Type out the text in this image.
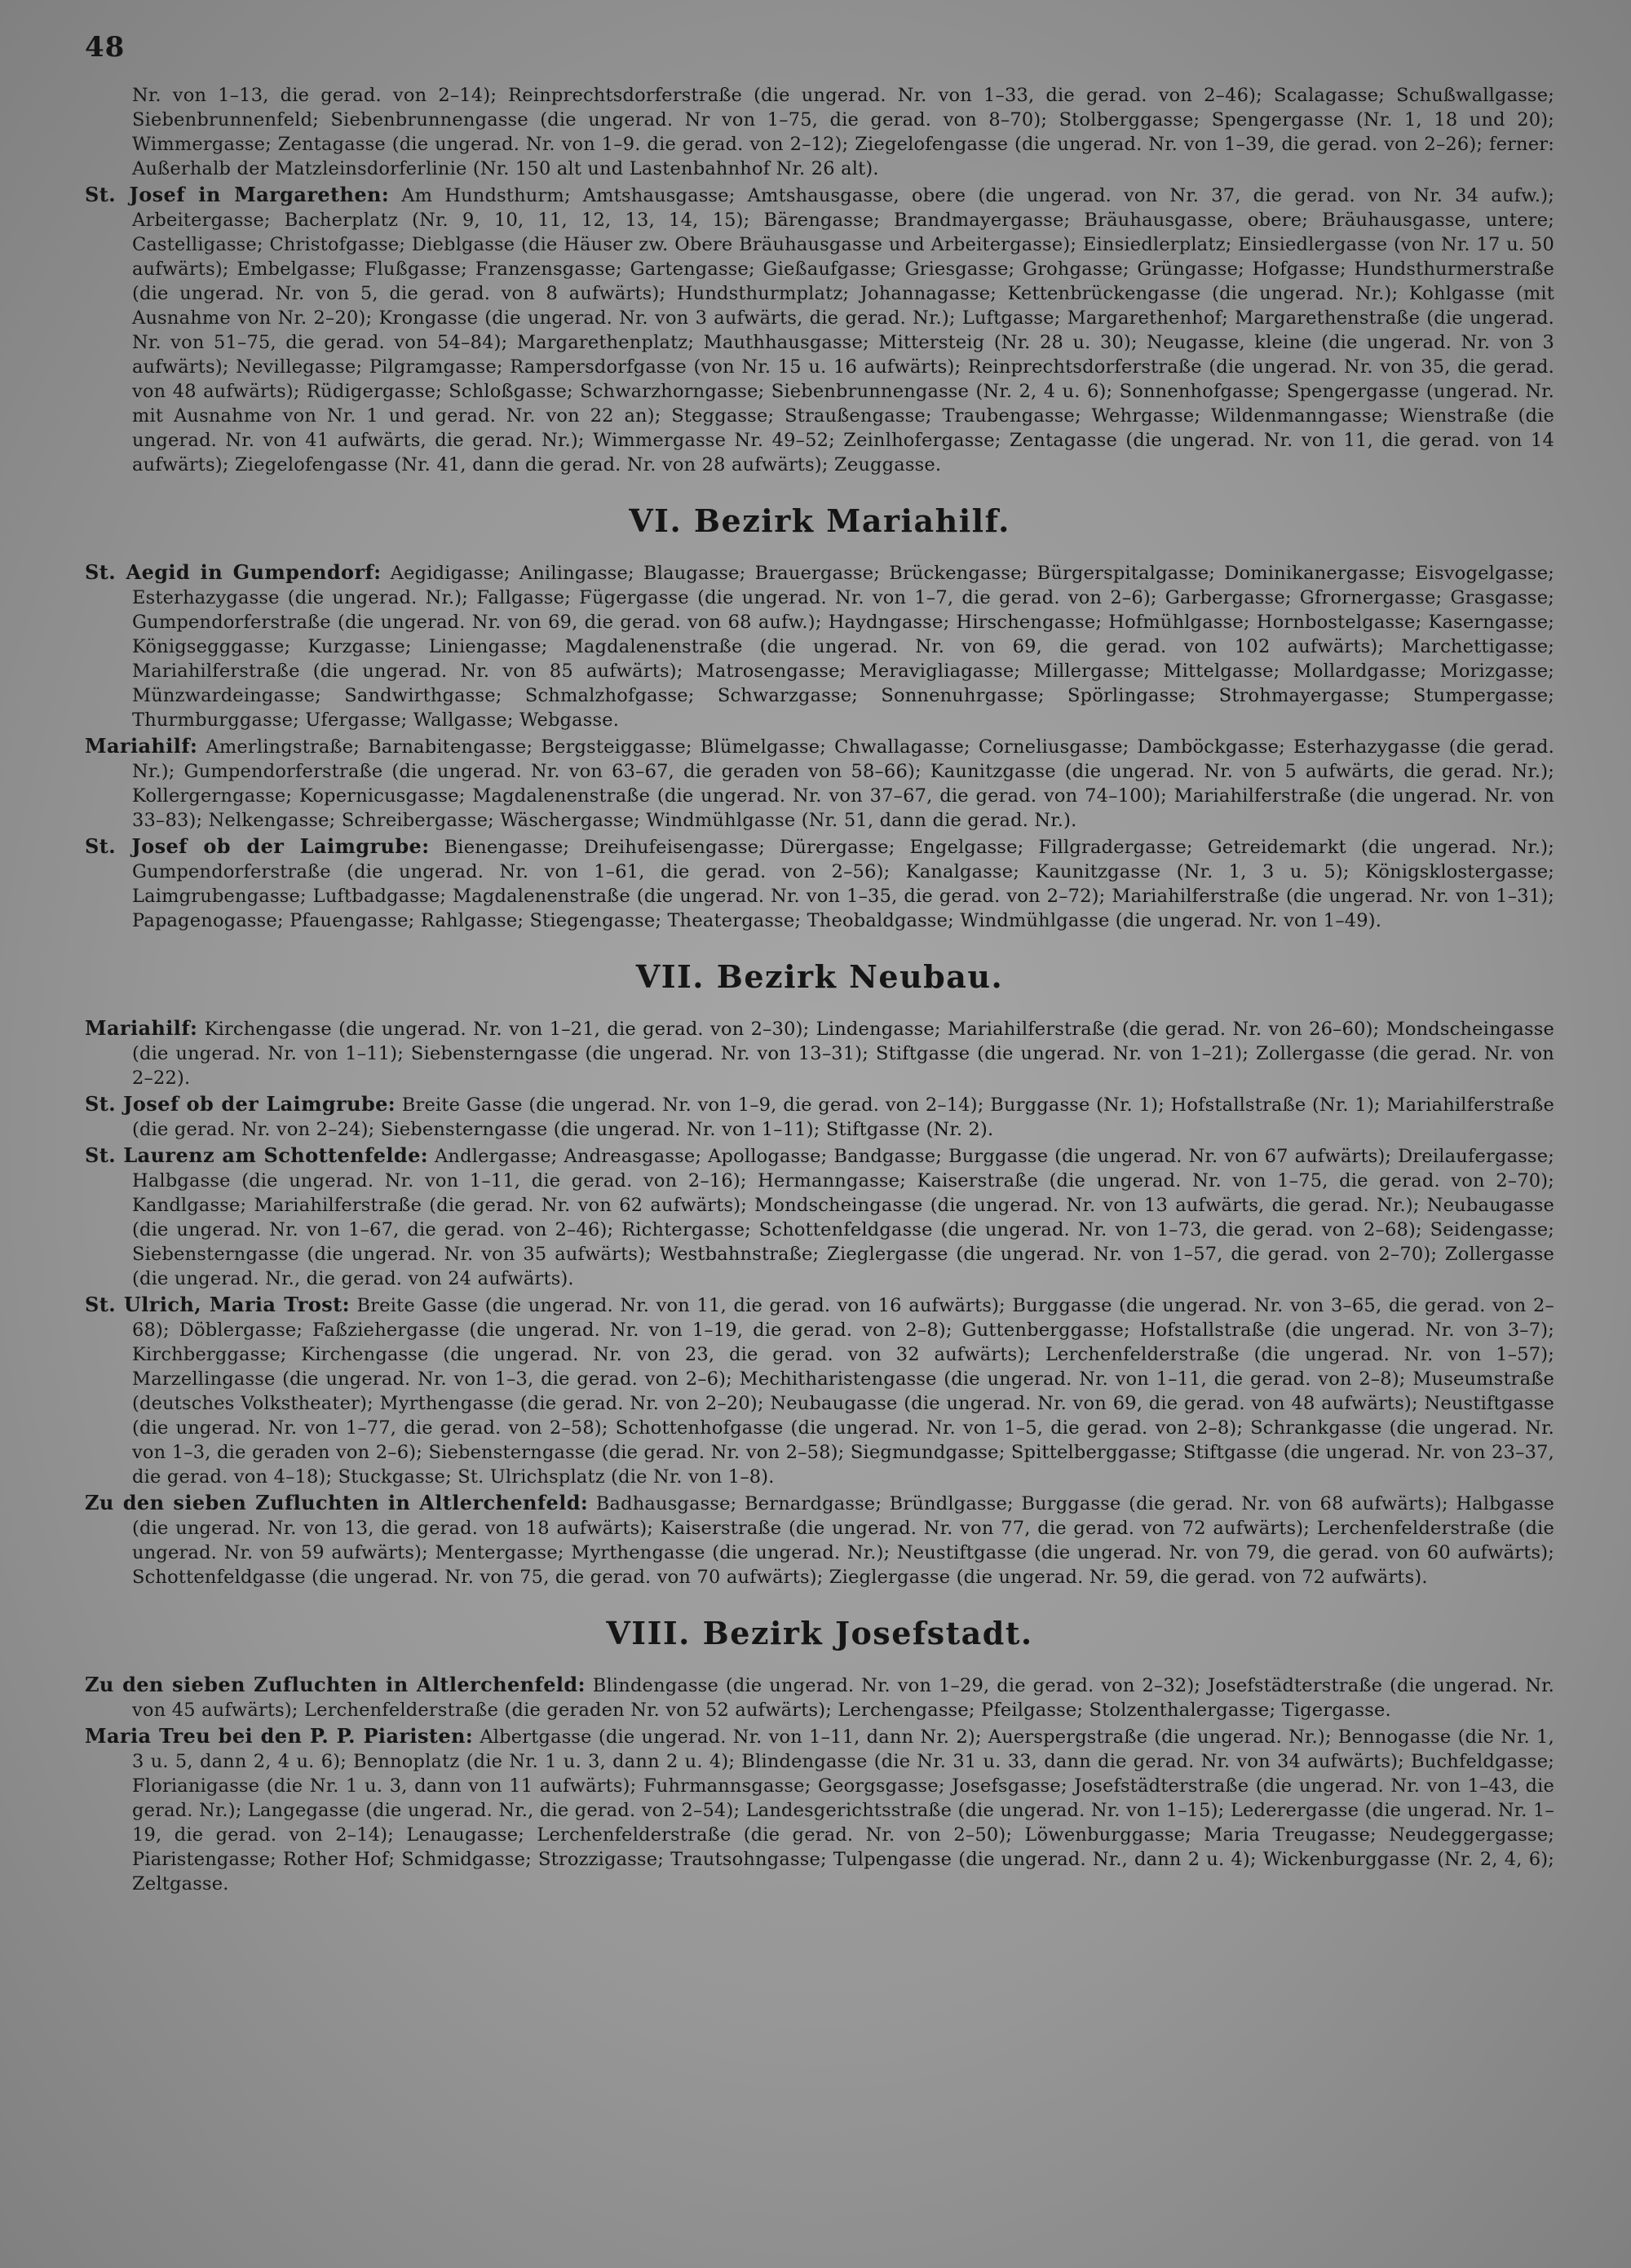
48

Nr. von 1–13, die gerad. von 2–14); Reinprechtsdorferstraße (die ungerad. Nr. von 1–33, die gerad. von 2–46); Scalagasse; Schußwallgasse; Siebenbrunnenfeld; Siebenbrunnengasse (die ungerad. Nr von 1–75, die gerad. von 8–70); Stolberggasse; Spengergasse (Nr. 1, 18 und 20); Wimmergasse; Zentagasse (die ungerad. Nr. von 1–9. die gerad. von 2–12); Ziegelofengasse (die ungerad. Nr. von 1–39, die gerad. von 2–26); ferner: Außerhalb der Matzleinsdorferlinie (Nr. 150 alt und Lastenbahnhof Nr. 26 alt).

St. Josef in Margarethen: Am Hundsthurm; Amtshausgasse; Amtshausgasse, obere (die ungerad. von Nr. 37, die gerad. von Nr. 34 aufw.); Arbeitergasse; Bacherplatz (Nr. 9, 10, 11, 12, 13, 14, 15); Bärengasse; Brandmayergasse; Bräuhausgasse, obere; Bräuhausgasse, untere; Castelligasse; Christofgasse; Dieblgasse (die Häuser zw. Obere Bräuhausgasse und Arbeitergasse); Einsiedlerplatz; Einsiedlergasse (von Nr. 17 u. 50 aufwärts); Embelgasse; Flußgasse; Franzensgasse; Gartengasse; Gießaufgasse; Griesgasse; Grohgasse; Grüngasse; Hofgasse; Hundsthurmerstraße (die ungerad. Nr. von 5, die gerad. von 8 aufwärts); Hundsthurmplatz; Johannagasse; Kettenbrückengasse (die ungerad. Nr.); Kohlgasse (mit Ausnahme von Nr. 2–20); Krongasse (die ungerad. Nr. von 3 aufwärts, die gerad. Nr.); Luftgasse; Margarethenhof; Margarethenstraße (die ungerad. Nr. von 51–75, die gerad. von 54–84); Margarethenplatz; Mauthhausgasse; Mittersteig (Nr. 28 u. 30); Neugasse, kleine (die ungerad. Nr. von 3 aufwärts); Nevillegasse; Pilgramgasse; Rampersdorfgasse (von Nr. 15 u. 16 aufwärts); Reinprechtsdorferstraße (die ungerad. Nr. von 35, die gerad. von 48 aufwärts); Rüdigergasse; Schloßgasse; Schwarzhorngasse; Siebenbrunnengasse (Nr. 2, 4 u. 6); Sonnenhofgasse; Spengergasse (ungerad. Nr. mit Ausnahme von Nr. 1 und gerad. Nr. von 22 an); Steggasse; Straußengasse; Traubengasse; Wehrgasse; Wildenmanngasse; Wienstraße (die ungerad. Nr. von 41 aufwärts, die gerad. Nr.); Wimmergasse Nr. 49–52; Zeinlhofergasse; Zentagasse (die ungerad. Nr. von 11, die gerad. von 14 aufwärts); Ziegelofengasse (Nr. 41, dann die gerad. Nr. von 28 aufwärts); Zeuggasse.

VI. Bezirk Mariahilf.

St. Aegid in Gumpendorf: Aegidigasse; Anilingasse; Blaugasse; Brauergasse; Brückengasse; Bürgerspitalgasse; Dominikanergasse; Eisvogelgasse; Esterhazygasse (die ungerad. Nr.); Fallgasse; Fügergasse (die ungerad. Nr. von 1–7, die gerad. von 2–6); Garbergasse; Gfrornergasse; Grasgasse; Gumpendorferstraße (die ungerad. Nr. von 69, die gerad. von 68 aufw.); Haydngasse; Hirschengasse; Hofmühlgasse; Hornbostelgasse; Kaserngasse; Königsegggasse; Kurzgasse; Liniengasse; Magdalenenstraße (die ungerad. Nr. von 69, die gerad. von 102 aufwärts); Marchettigasse; Mariahilferstraße (die ungerad. Nr. von 85 aufwärts); Matrosengasse; Meravigliagasse; Millergasse; Mittelgasse; Mollardgasse; Morizgasse; Münzwardeingasse; Sandwirthgasse; Schmalzhofgasse; Schwarzgasse; Sonnenuhrgasse; Spörlingasse; Strohmayergasse; Stumpergasse; Thurmburggasse; Ufergasse; Wallgasse; Webgasse.

Mariahilf: Amerlingstraße; Barnabitengasse; Bergsteiggasse; Blümelgasse; Chwallagasse; Corneliusgasse; Damböckgasse; Esterhazygasse (die gerad. Nr.); Gumpendorferstraße (die ungerad. Nr. von 63–67, die geraden von 58–66); Kaunitzgasse (die ungerad. Nr. von 5 aufwärts, die gerad. Nr.); Kollergerngasse; Kopernicusgasse; Magdalenenstraße (die ungerad. Nr. von 37–67, die gerad. von 74–100); Mariahilferstraße (die ungerad. Nr. von 33–83); Nelkengasse; Schreibergasse; Wäschergasse; Windmühlgasse (Nr. 51, dann die gerad. Nr.).

St. Josef ob der Laimgrube: Bienengasse; Dreihufeisengasse; Dürergasse; Engelgasse; Fillgradergasse; Getreidemarkt (die ungerad. Nr.); Gumpendorferstraße (die ungerad. Nr. von 1–61, die gerad. von 2–56); Kanalgasse; Kaunitzgasse (Nr. 1, 3 u. 5); Königsklostergasse; Laimgrubengasse; Luftbadgasse; Magdalenenstraße (die ungerad. Nr. von 1–35, die gerad. von 2–72); Mariahilferstraße (die ungerad. Nr. von 1–31); Papagenogasse; Pfauengasse; Rahlgasse; Stiegengasse; Theatergasse; Theobaldgasse; Windmühlgasse (die ungerad. Nr. von 1–49).

VII. Bezirk Neubau.

Mariahilf: Kirchengasse (die ungerad. Nr. von 1–21, die gerad. von 2–30); Lindengasse; Mariahilferstraße (die gerad. Nr. von 26–60); Mondscheingasse (die ungerad. Nr. von 1–11); Siebensterngasse (die ungerad. Nr. von 13–31); Stiftgasse (die ungerad. Nr. von 1–21); Zollergasse (die gerad. Nr. von 2–22).

St. Josef ob der Laimgrube: Breite Gasse (die ungerad. Nr. von 1–9, die gerad. von 2–14); Burggasse (Nr. 1); Hofstallstraße (Nr. 1); Mariahilferstraße (die gerad. Nr. von 2–24); Siebensterngasse (die ungerad. Nr. von 1–11); Stiftgasse (Nr. 2).

St. Laurenz am Schottenfelde: Andlergasse; Andreasgasse; Apollogasse; Bandgasse; Burggasse (die ungerad. Nr. von 67 aufwärts); Dreilaufergasse; Halbgasse (die ungerad. Nr. von 1–11, die gerad. von 2–16); Hermanngasse; Kaiserstraße (die ungerad. Nr. von 1–75, die gerad. von 2–70); Kandlgasse; Mariahilferstraße (die gerad. Nr. von 62 aufwärts); Mondscheingasse (die ungerad. Nr. von 13 aufwärts, die gerad. Nr.); Neubaugasse (die ungerad. Nr. von 1–67, die gerad. von 2–46); Richtergasse; Schottenfeldgasse (die ungerad. Nr. von 1–73, die gerad. von 2–68); Seidengasse; Siebensterngasse (die ungerad. Nr. von 35 aufwärts); Westbahnstraße; Zieglergasse (die ungerad. Nr. von 1–57, die gerad. von 2–70); Zollergasse (die ungerad. Nr., die gerad. von 24 aufwärts).

St. Ulrich, Maria Trost: Breite Gasse (die ungerad. Nr. von 11, die gerad. von 16 aufwärts); Burggasse (die ungerad. Nr. von 3–65, die gerad. von 2–68); Döblergasse; Faßziehergasse (die ungerad. Nr. von 1–19, die gerad. von 2–8); Guttenberggasse; Hofstallstraße (die ungerad. Nr. von 3–7); Kirchberggasse; Kirchengasse (die ungerad. Nr. von 23, die gerad. von 32 aufwärts); Lerchenfelderstraße (die ungerad. Nr. von 1–57); Marzellingasse (die ungerad. Nr. von 1–3, die gerad. von 2–6); Mechitharistengasse (die ungerad. Nr. von 1–11, die gerad. von 2–8); Museumstraße (deutsches Volkstheater); Myrthengasse (die gerad. Nr. von 2–20); Neubaugasse (die ungerad. Nr. von 69, die gerad. von 48 aufwärts); Neustiftgasse (die ungerad. Nr. von 1–77, die gerad. von 2–58); Schottenhofgasse (die ungerad. Nr. von 1–5, die gerad. von 2–8); Schrankgasse (die ungerad. Nr. von 1–3, die geraden von 2–6); Siebensterngasse (die gerad. Nr. von 2–58); Siegmundgasse; Spittelberggasse; Stiftgasse (die ungerad. Nr. von 23–37, die gerad. von 4–18); Stuckgasse; St. Ulrichsplatz (die Nr. von 1–8).

Zu den sieben Zufluchten in Altlerchenfeld: Badhausgasse; Bernardgasse; Bründlgasse; Burggasse (die gerad. Nr. von 68 aufwärts); Halbgasse (die ungerad. Nr. von 13, die gerad. von 18 aufwärts); Kaiserstraße (die ungerad. Nr. von 77, die gerad. von 72 aufwärts); Lerchenfelderstraße (die ungerad. Nr. von 59 aufwärts); Mentergasse; Myrthengasse (die ungerad. Nr.); Neustiftgasse (die ungerad. Nr. von 79, die gerad. von 60 aufwärts); Schottenfeldgasse (die ungerad. Nr. von 75, die gerad. von 70 aufwärts); Zieglergasse (die ungerad. Nr. 59, die gerad. von 72 aufwärts).

VIII. Bezirk Josefstadt.

Zu den sieben Zufluchten in Altlerchenfeld: Blindengasse (die ungerad. Nr. von 1–29, die gerad. von 2–32); Josefstädterstraße (die ungerad. Nr. von 45 aufwärts); Lerchenfelderstraße (die geraden Nr. von 52 aufwärts); Lerchengasse; Pfeilgasse; Stolzenthalergasse; Tigergasse.

Maria Treu bei den P. P. Piaristen: Albertgasse (die ungerad. Nr. von 1–11, dann Nr. 2); Auerspergstraße (die ungerad. Nr.); Bennogasse (die Nr. 1, 3 u. 5, dann 2, 4 u. 6); Bennoplatz (die Nr. 1 u. 3, dann 2 u. 4); Blindengasse (die Nr. 31 u. 33, dann die gerad. Nr. von 34 aufwärts); Buchfeldgasse; Florianigasse (die Nr. 1 u. 3, dann von 11 aufwärts); Fuhrmannsgasse; Georgsgasse; Josefsgasse; Josefstädterstraße (die ungerad. Nr. von 1–43, die gerad. Nr.); Langegasse (die ungerad. Nr., die gerad. von 2–54); Landesgerichtsstraße (die ungerad. Nr. von 1–15); Lederergasse (die ungerad. Nr. 1–19, die gerad. von 2–14); Lenaugasse; Lerchenfelderstraße (die gerad. Nr. von 2–50); Löwenburggasse; Maria Treugasse; Neudeggergasse; Piaristengasse; Rother Hof; Schmidgasse; Strozzigasse; Trautsohngasse; Tulpengasse (die ungerad. Nr., dann 2 u. 4); Wickenburggasse (Nr. 2, 4, 6); Zeltgasse.
